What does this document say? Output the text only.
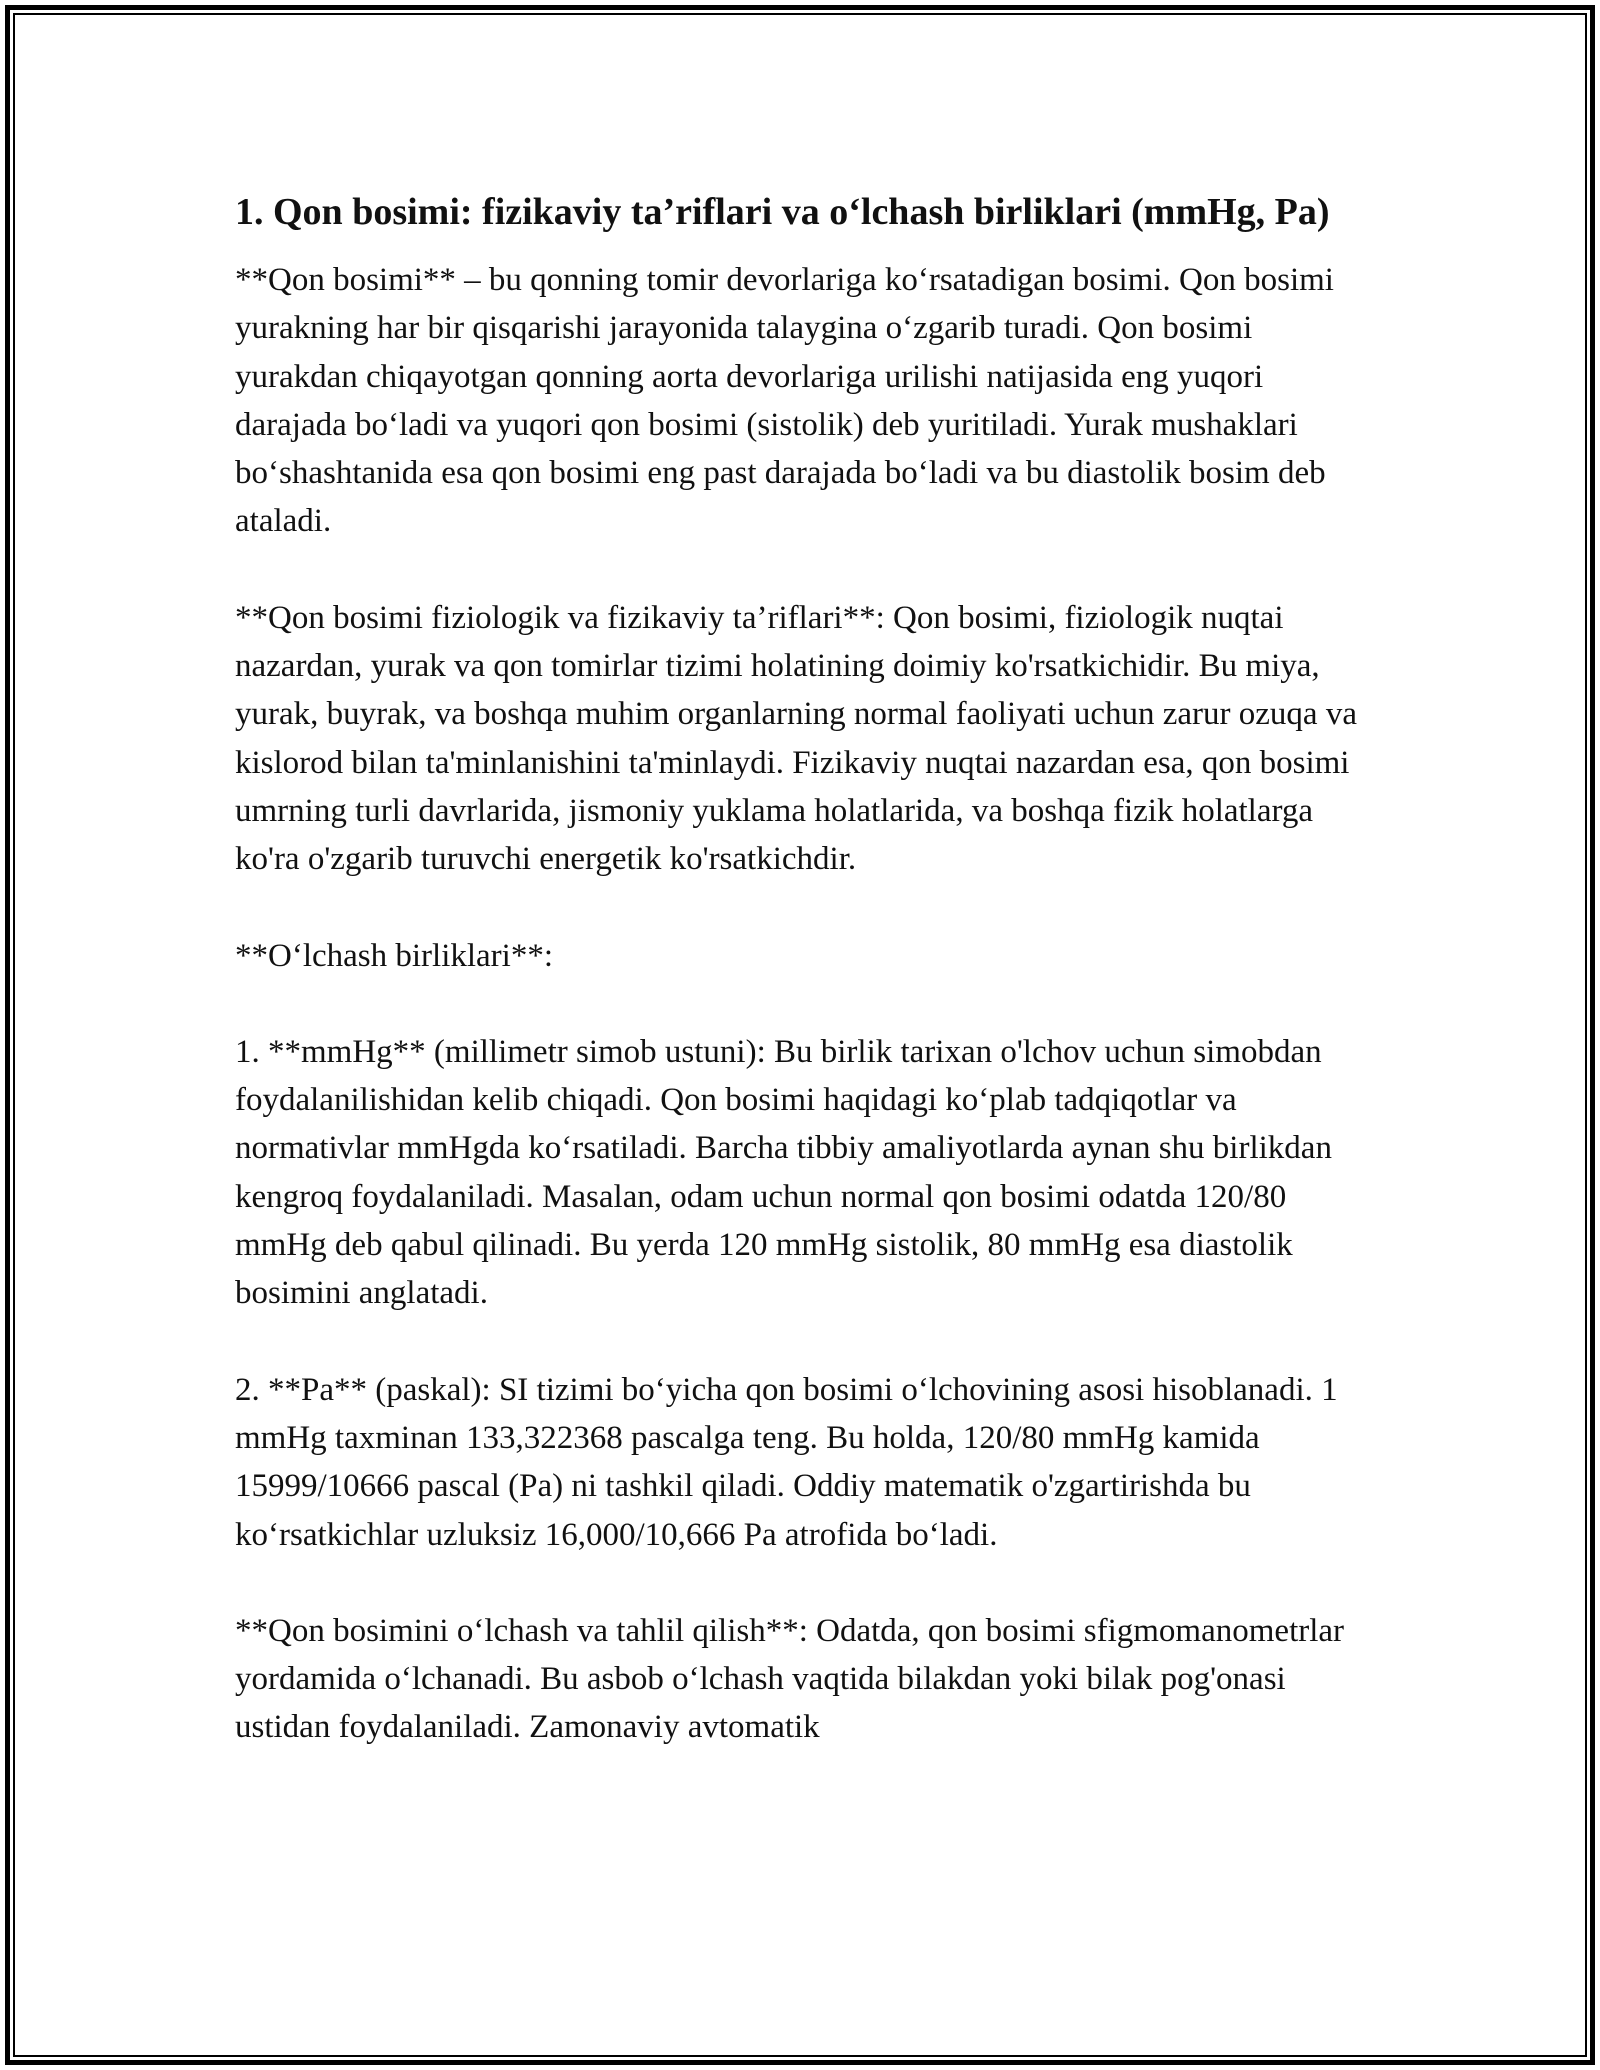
1. Qon bosimi: fizikaviy ta’riflari va o‘lchash birliklari (mmHg, Pa)

**Qon bosimi** – bu qonning tomir devorlariga ko‘rsatadigan bosimi. Qon bosimi yurakning har bir qisqarishi jarayonida talaygina o‘zgarib turadi. Qon bosimi yurakdan chiqayotgan qonning aorta devorlariga urilishi natijasida eng yuqori darajada bo‘ladi va yuqori qon bosimi (sistolik) deb yuritiladi. Yurak mushaklari bo‘shashtanida esa qon bosimi eng past darajada bo‘ladi va bu diastolik bosim deb ataladi.

**Qon bosimi fiziologik va fizikaviy ta’riflari**: Qon bosimi, fiziologik nuqtai nazardan, yurak va qon tomirlar tizimi holatining doimiy ko'rsatkichidir. Bu miya, yurak, buyrak, va boshqa muhim organlarning normal faoliyati uchun zarur ozuqa va kislorod bilan ta'minlanishini ta'minlaydi. Fizikaviy nuqtai nazardan esa, qon bosimi umrning turli davrlarida, jismoniy yuklama holatlarida, va boshqa fizik holatlarga ko'ra o'zgarib turuvchi energetik ko'rsatkichdir.

**O‘lchash birliklari**:

1. **mmHg** (millimetr simob ustuni): Bu birlik tarixan o'lchov uchun simobdan foydalanilishidan kelib chiqadi. Qon bosimi haqidagi ko‘plab tadqiqotlar va normativlar mmHgda ko‘rsatiladi. Barcha tibbiy amaliyotlarda aynan shu birlikdan kengroq foydalaniladi. Masalan, odam uchun normal qon bosimi odatda 120/80 mmHg deb qabul qilinadi. Bu yerda 120 mmHg sistolik, 80 mmHg esa diastolik bosimini anglatadi.

2. **Pa** (paskal): SI tizimi bo‘yicha qon bosimi o‘lchovining asosi hisoblanadi. 1 mmHg taxminan 133,322368 pascalga teng. Bu holda, 120/80 mmHg kamida 15999/10666 pascal (Pa) ni tashkil qiladi. Oddiy matematik o'zgartirishda bu ko‘rsatkichlar uzluksiz 16,000/10,666 Pa atrofida bo‘ladi.

**Qon bosimini o‘lchash va tahlil qilish**: Odatda, qon bosimi sfigmomanometrlar yordamida o‘lchanadi. Bu asbob o‘lchash vaqtida bilakdan yoki bilak pog'onasi ustidan foydalaniladi. Zamonaviy avtomatik
